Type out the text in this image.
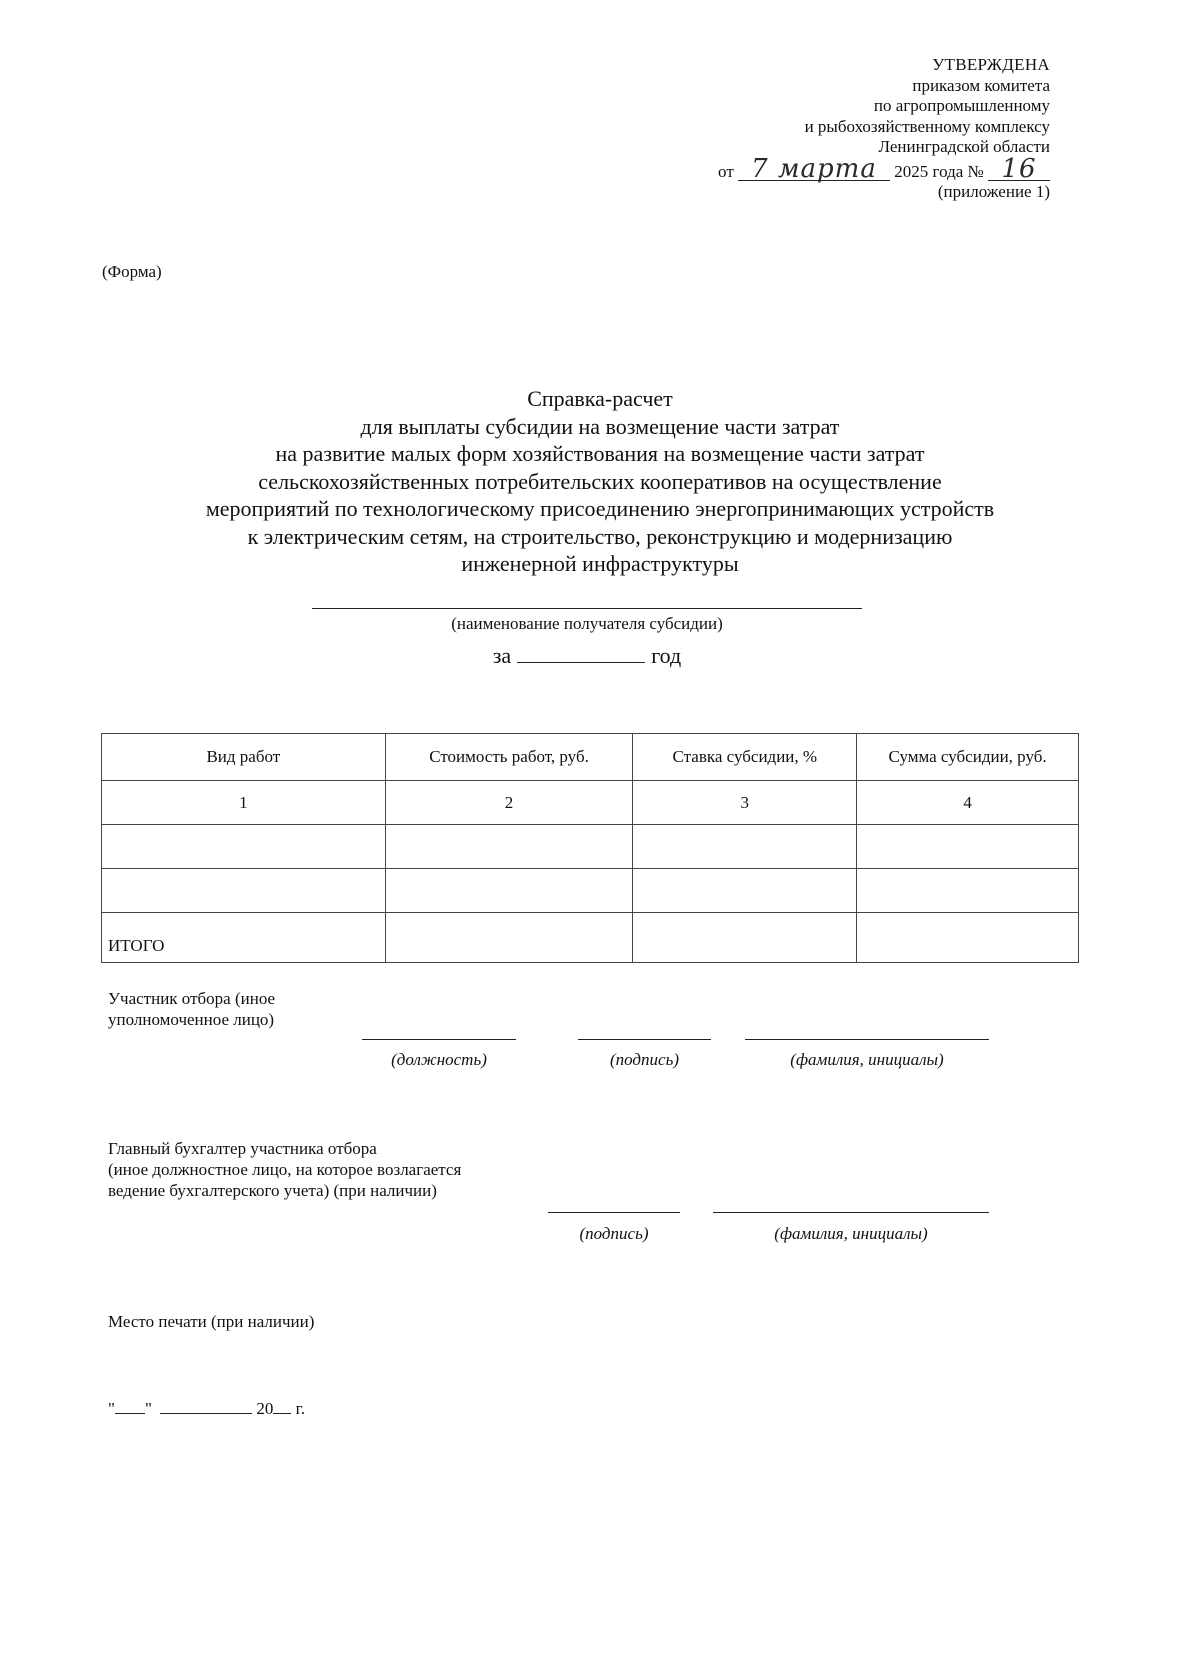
УТВЕРЖДЕНА
приказом комитета
по агропромышленному
и рыбохозяйственному комплексу
Ленинградской области
от 7 марта 2025 года № 16
(приложение 1)
(Форма)
Справка-расчет
для выплаты субсидии на возмещение части затрат
на развитие малых форм хозяйствования на возмещение части затрат
сельскохозяйственных потребительских кооперативов на осуществление
мероприятий по технологическому присоединению энергопринимающих устройств
к электрическим сетям, на строительство, реконструкцию и модернизацию
инженерной инфраструктуры
(наименование получателя субсидии)
за	год
Вид работ	Стоимость работ, руб.	Ставка субсидии, %	Сумма субсидии, руб.
1	2	3	4

ИТОГО			
Участник отбора (иное
уполномоченное лицо)
(должность)	(подпись)	(фамилия, инициалы)
Главный бухгалтер участника отбора
(иное должностное лицо, на которое возлагается
ведение бухгалтерского учета) (при наличии)
(подпись)	(фамилия, инициалы)
Место печати (при наличии)
" "	20 г.
